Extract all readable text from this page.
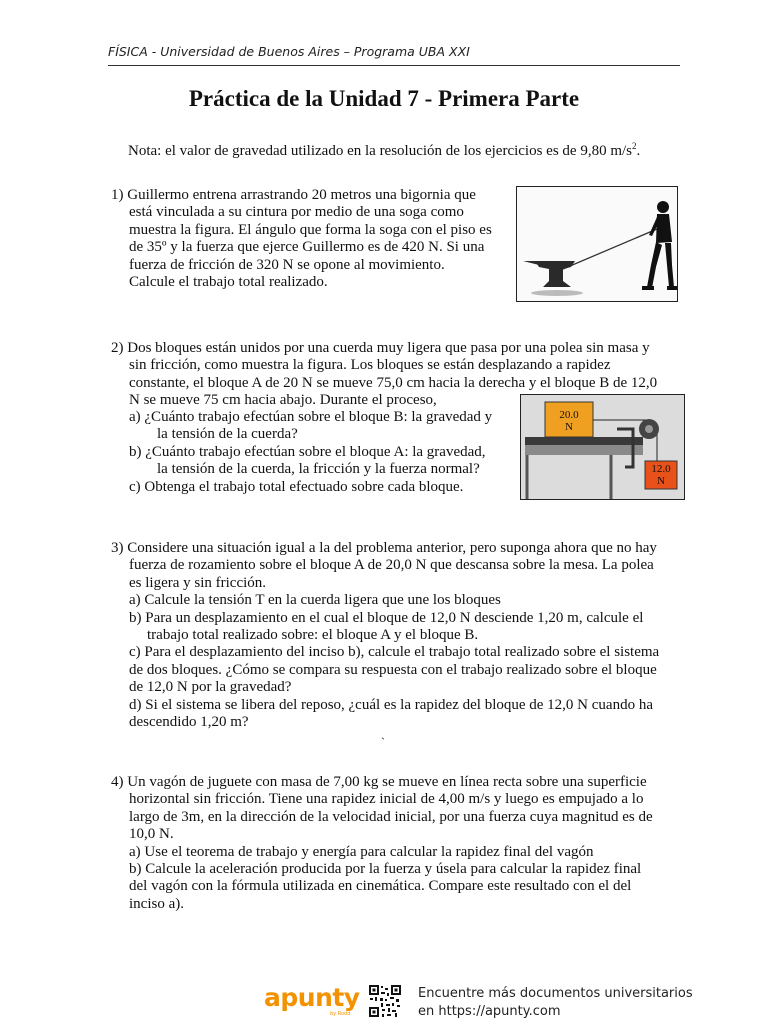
FÍSICA - Universidad de Buenos Aires – Programa UBA XXI
Práctica de la Unidad 7 - Primera Parte
Nota: el valor de gravedad utilizado en la resolución de los ejercicios es de 9,80 $m/s^2$.
1) Guillermo entrena arrastrando 20 metros una bigornia que
está vinculada a su cintura por medio de una soga como
muestra la figura. El ángulo que forma la soga con el piso es
de 35º y la fuerza que ejerce Guillermo es de 420 N. Si una
fuerza de fricción de 320 N se opone al movimiento.
Calcule el trabajo total realizado.
2) Dos bloques están unidos por una cuerda muy ligera que pasa por una polea sin masa y
sin fricción, como muestra la figura. Los bloques se están desplazando a rapidez
constante, el bloque A de 20 N se mueve 75,0 cm hacia la derecha y el bloque B de 12,0
N se mueve 75 cm hacia abajo. Durante el proceso,
a) ¿Cuánto trabajo efectúan sobre el bloque B: la gravedad y
la tensión de la cuerda?
b) ¿Cuánto trabajo efectúan sobre el bloque A: la gravedad,
la tensión de la cuerda, la fricción y la fuerza normal?
c) Obtenga el trabajo total efectuado sobre cada bloque.
20.0
N
12.0
N
3) Considere una situación igual a la del problema anterior, pero suponga ahora que no hay
fuerza de rozamiento sobre el bloque A de 20,0 N que descansa sobre la mesa. La polea
es ligera y sin fricción.
a) Calcule la tensión T en la cuerda ligera que une los bloques
b) Para un desplazamiento en el cual el bloque de 12,0 N desciende 1,20 m, calcule el
trabajo total realizado sobre: el bloque A y el bloque B.
c) Para el desplazamiento del inciso b), calcule el trabajo total realizado sobre el sistema
de dos bloques. ¿Cómo se compara su respuesta con el trabajo realizado sobre el bloque
de 12,0 N por la gravedad?
d) Si el sistema se libera del reposo, ¿cuál es la rapidez del bloque de 12,0 N cuando ha
descendido 1,20 m?
`
4) Un vagón de juguete con masa de 7,00 kg se mueve en línea recta sobre una superficie
horizontal sin fricción. Tiene una rapidez inicial de 4,00 m/s y luego es empujado a lo
largo de 3m, en la dirección de la velocidad inicial, por una fuerza cuya magnitud es de
10,0 N.
a) Use el teorema de trabajo y energía para calcular la rapidez final del vagón
b) Calcule la aceleración producida por la fuerza y úsela para calcular la rapidez final
del vagón con la fórmula utilizada en cinemática. Compare este resultado con el del
inciso a).
apunty
by Rodd
Encuentre más documentos universitarios
en https://apunty.com
